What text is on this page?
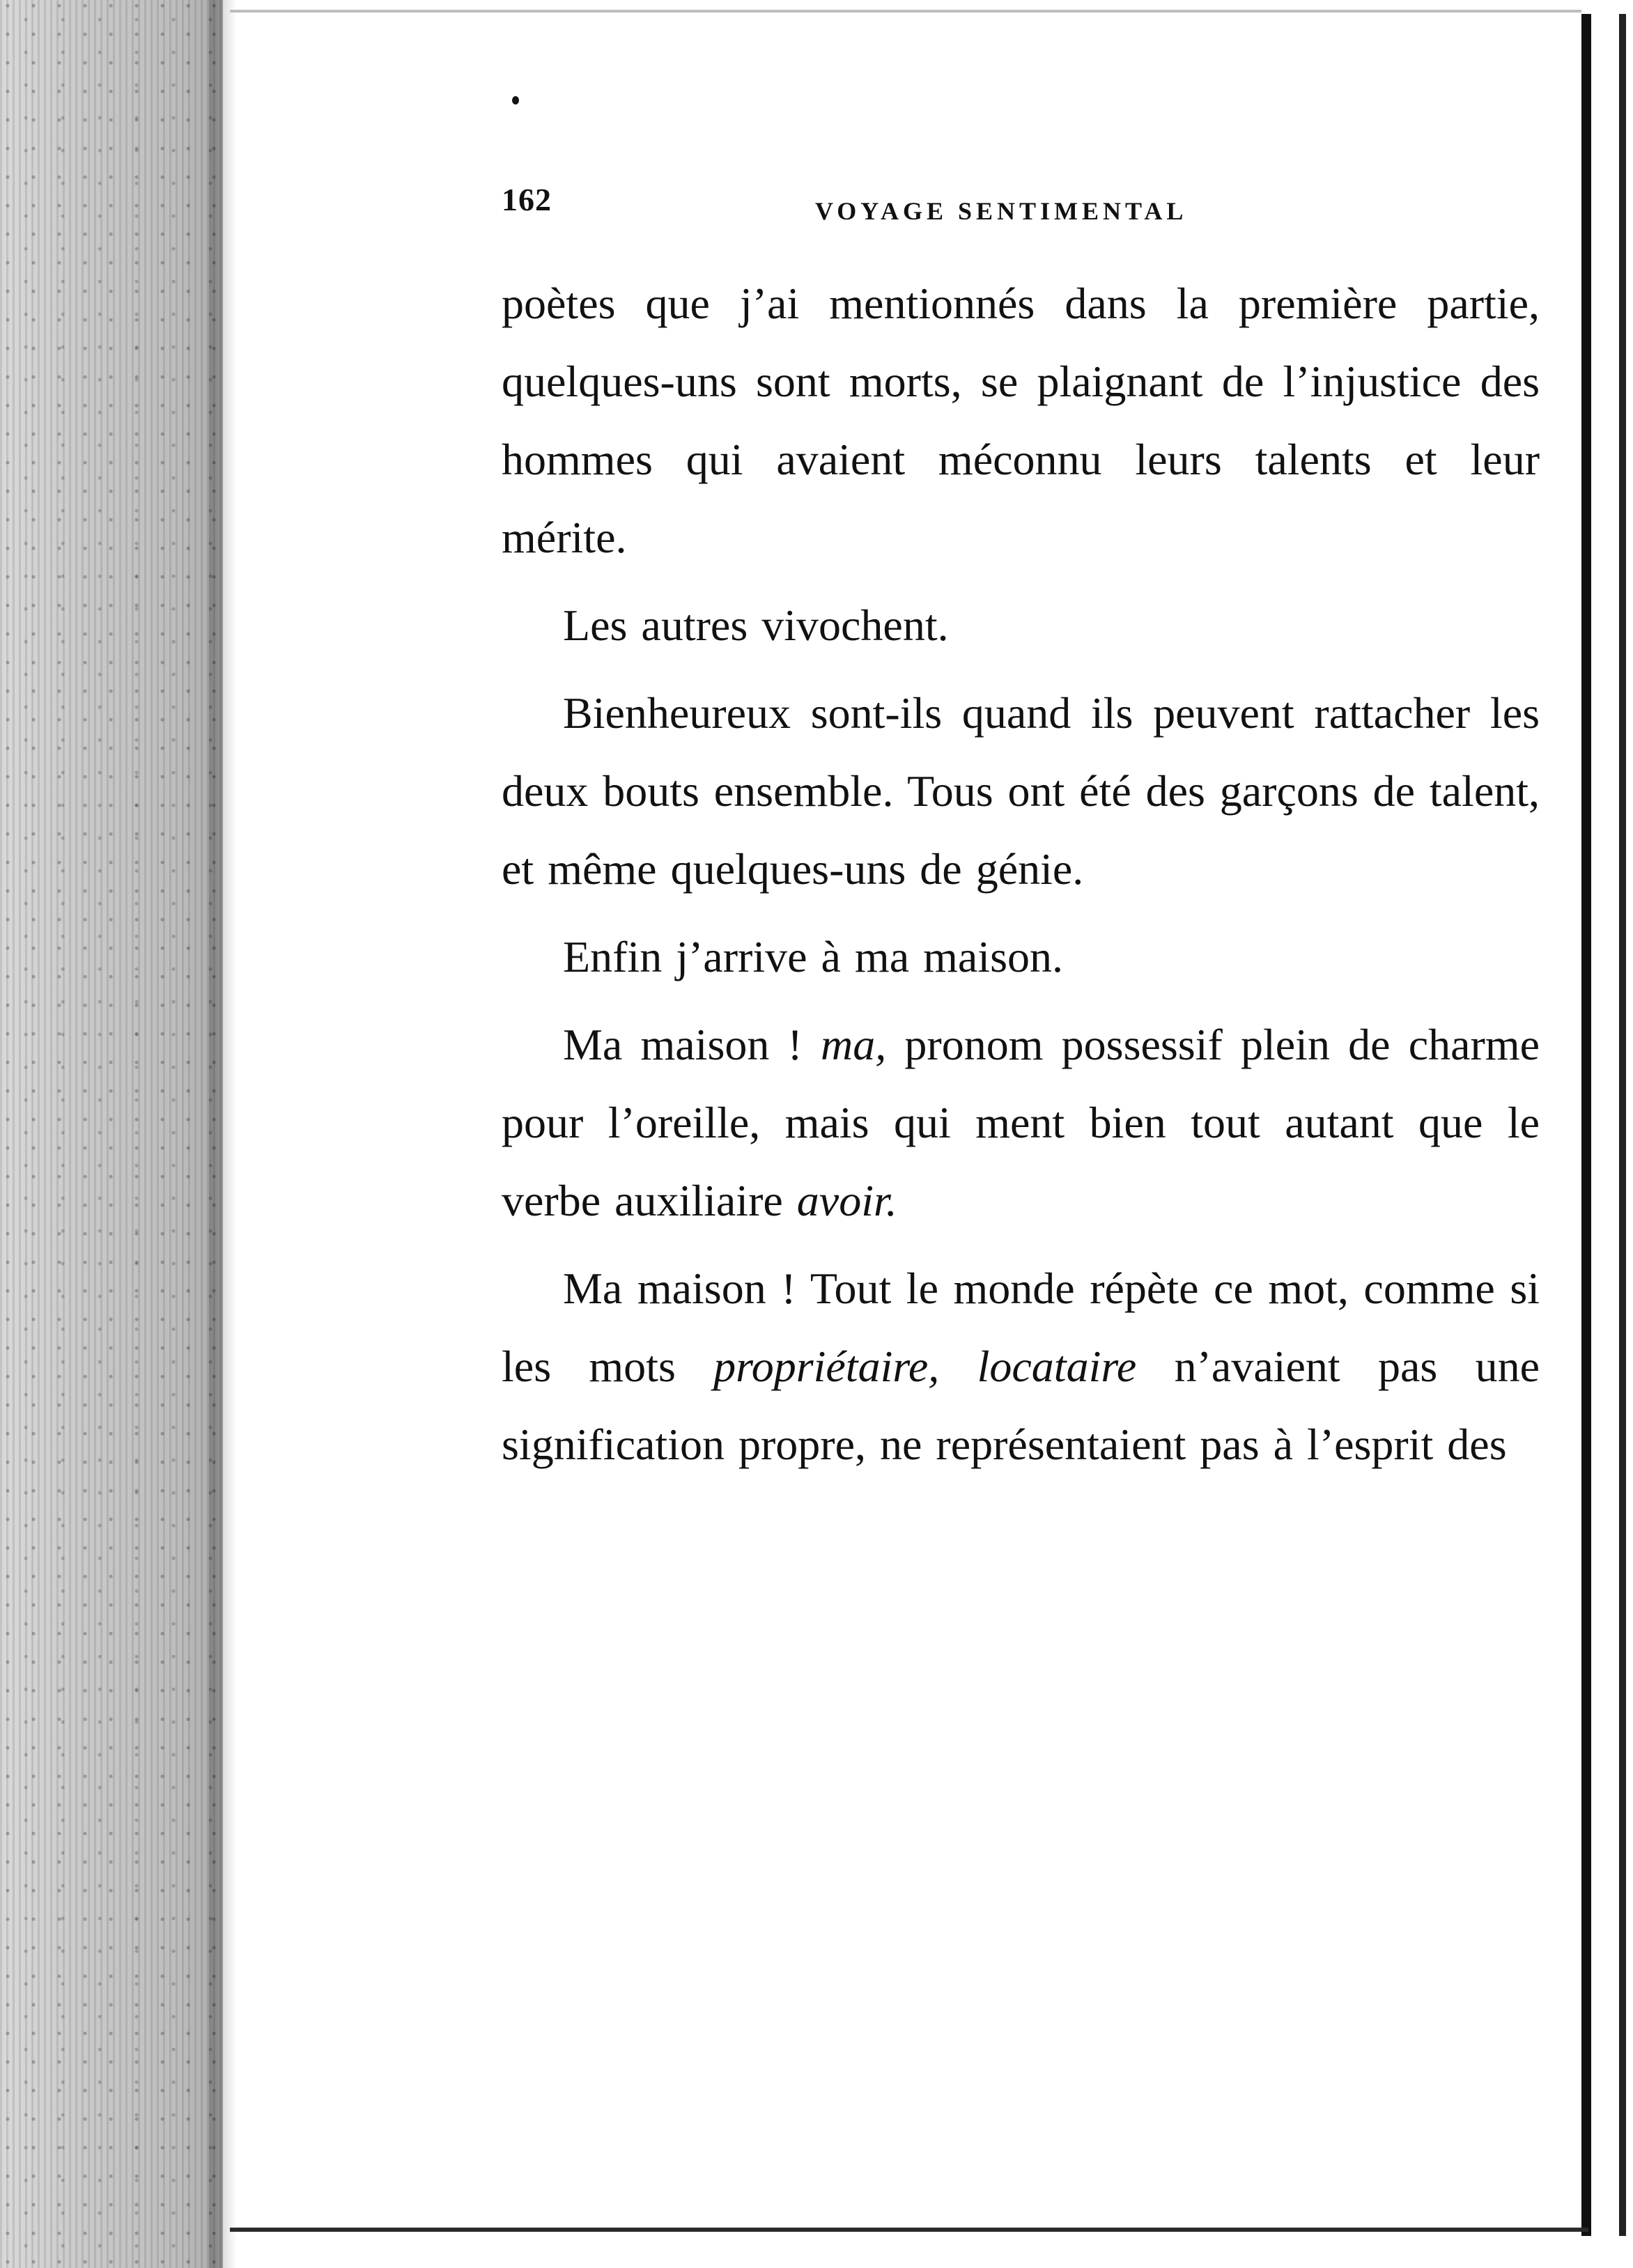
162	VOYAGE SENTIMENTAL

poètes que j’ai mentionnés dans la première partie, quelques-uns sont morts, se plaignant de l’injustice des hommes qui avaient méconnu leurs talents et leur mérite.

Les autres vivochent.

Bienheureux sont-ils quand ils peuvent rattacher les deux bouts ensemble. Tous ont été des garçons de talent, et même quelques-uns de génie.

Enfin j’arrive à ma maison.

Ma maison ! ma, pronom possessif plein de charme pour l’oreille, mais qui ment bien tout autant que le verbe auxiliaire avoir.

Ma maison ! Tout le monde répète ce mot, comme si les mots propriétaire, locataire n’avaient pas une signification propre, ne représentaient pas à l’esprit des
